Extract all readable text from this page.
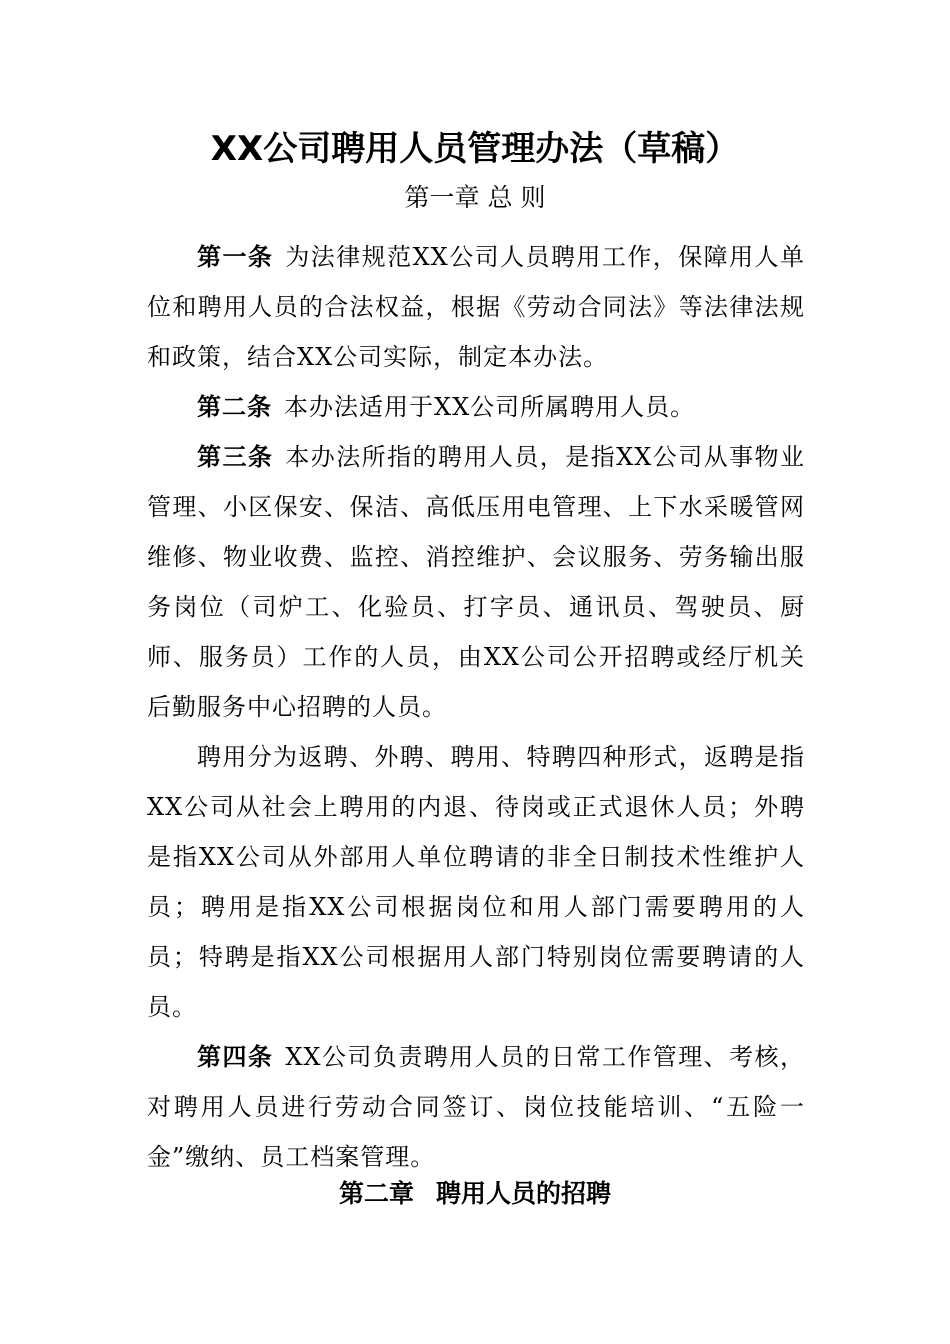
XX公司聘用人员管理办法（草稿）

第一章 总 则

第一条 为法律规范XX公司人员聘用工作，保障用人单位和聘用人员的合法权益，根据《劳动合同法》等法律法规和政策，结合XX公司实际，制定本办法。

第二条 本办法适用于XX公司所属聘用人员。

第三条 本办法所指的聘用人员，是指XX公司从事物业管理、小区保安、保洁、高低压用电管理、上下水采暖管网维修、物业收费、监控、消控维护、会议服务、劳务输出服务岗位（司炉工、化验员、打字员、通讯员、驾驶员、厨师、服务员）工作的人员，由XX公司公开招聘或经厅机关后勤服务中心招聘的人员。

聘用分为返聘、外聘、聘用、特聘四种形式，返聘是指XX公司从社会上聘用的内退、待岗或正式退休人员；外聘是指XX公司从外部用人单位聘请的非全日制技术性维护人员；聘用是指XX公司根据岗位和用人部门需要聘用的人员；特聘是指XX公司根据用人部门特别岗位需要聘请的人员。

第四条 XX公司负责聘用人员的日常工作管理、考核，对聘用人员进行劳动合同签订、岗位技能培训、“五险一金”缴纳、员工档案管理。

第二章 聘用人员的招聘
